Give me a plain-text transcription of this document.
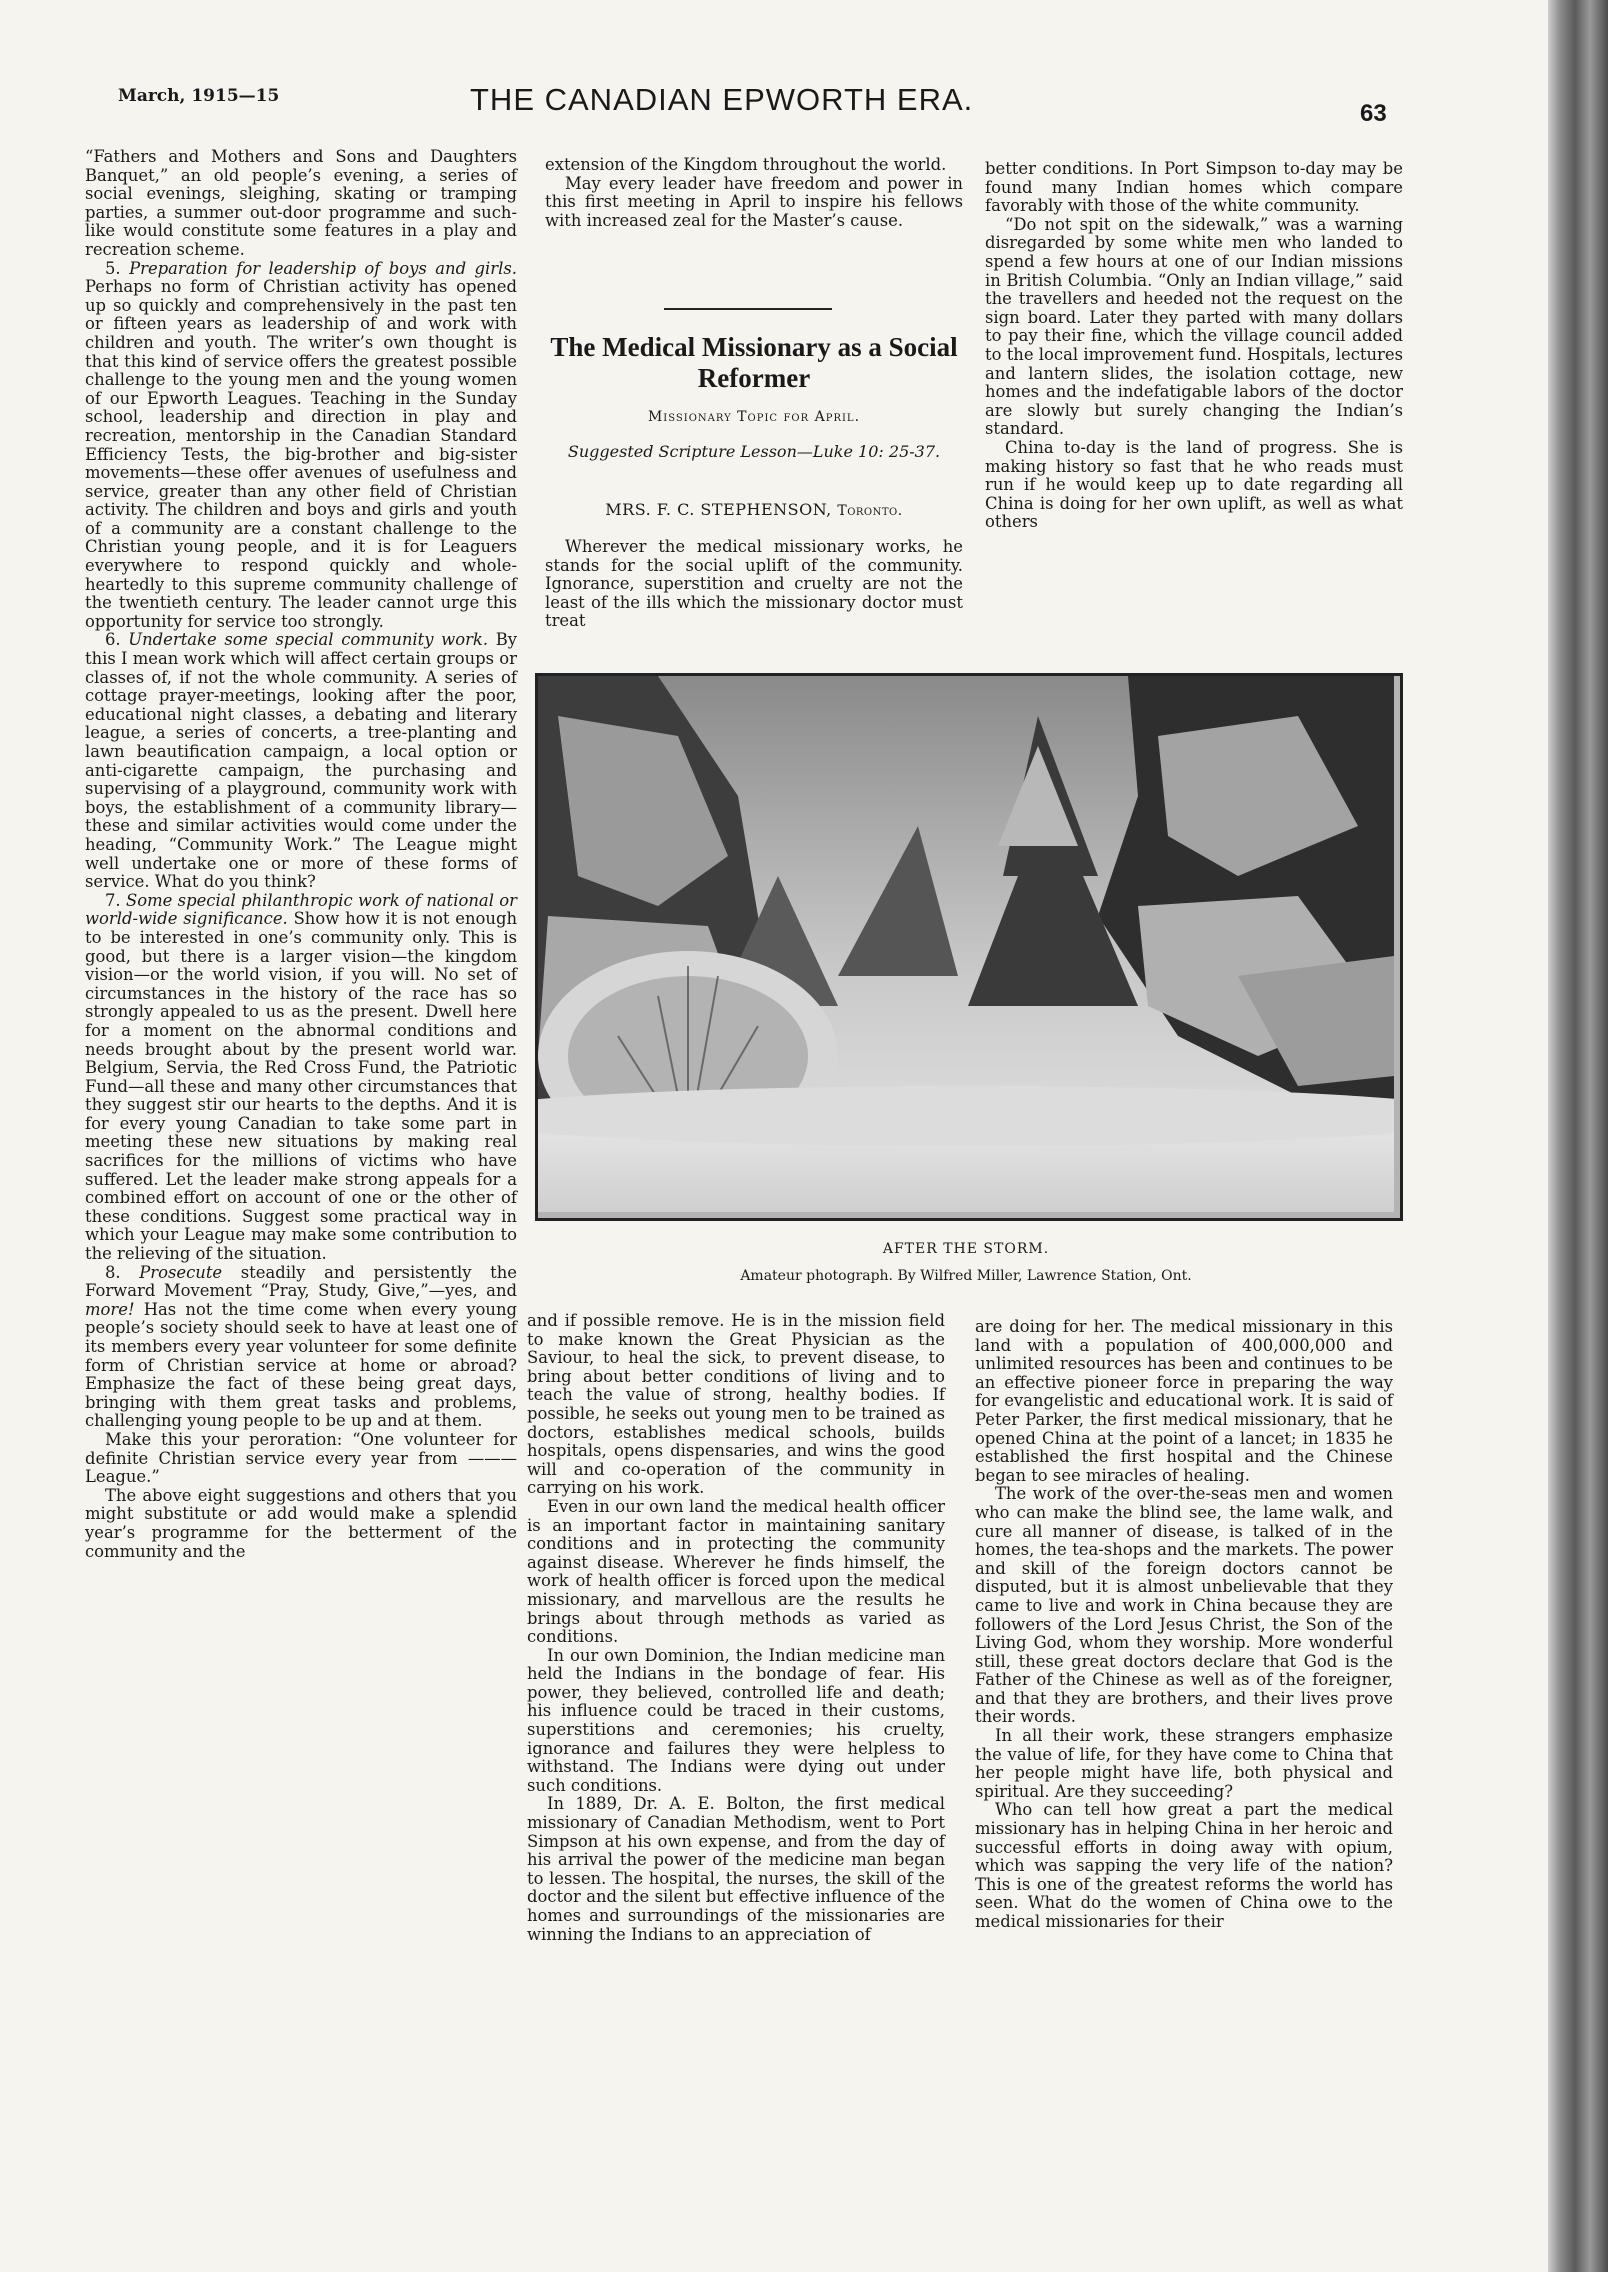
March, 1915—15	THE CANADIAN EPWORTH ERA.	63

“Fathers and Mothers and Sons and Daughters Banquet,” an old people’s evening, a series of social evenings, sleighing, skating or tramping parties, a summer out-door programme and such-like would constitute some features in a play and recreation scheme.

5. Preparation for leadership of boys and girls. Perhaps no form of Christian activity has opened up so quickly and comprehensively in the past ten or fifteen years as leadership of and work with children and youth. The writer’s own thought is that this kind of service offers the greatest possible challenge to the young men and the young women of our Epworth Leagues. Teaching in the Sunday school, leadership and direction in play and recreation, mentorship in the Canadian Standard Efficiency Tests, the big-brother and big-sister movements—these offer avenues of usefulness and service, greater than any other field of Christian activity. The children and boys and girls and youth of a community are a constant challenge to the Christian young people, and it is for Leaguers everywhere to respond quickly and whole-heartedly to this supreme community challenge of the twentieth century. The leader cannot urge this opportunity for service too strongly.

6. Undertake some special community work. By this I mean work which will affect certain groups or classes of, if not the whole community. A series of cottage prayer-meetings, looking after the poor, educational night classes, a debating and literary league, a series of concerts, a tree-planting and lawn beautification campaign, a local option or anti-cigarette campaign, the purchasing and supervising of a playground, community work with boys, the establishment of a community library—these and similar activities would come under the heading, “Community Work.” The League might well undertake one or more of these forms of service. What do you think?

7. Some special philanthropic work of national or world-wide significance. Show how it is not enough to be interested in one’s community only. This is good, but there is a larger vision—the kingdom vision—or the world vision, if you will. No set of circumstances in the history of the race has so strongly appealed to us as the present. Dwell here for a moment on the abnormal conditions and needs brought about by the present world war. Belgium, Servia, the Red Cross Fund, the Patriotic Fund—all these and many other circumstances that they suggest stir our hearts to the depths. And it is for every young Canadian to take some part in meeting these new situations by making real sacrifices for the millions of victims who have suffered. Let the leader make strong appeals for a combined effort on account of one or the other of these conditions. Suggest some practical way in which your League may make some contribution to the relieving of the situation.

8. Prosecute steadily and persistently the Forward Movement “Pray, Study, Give,”—yes, and more! Has not the time come when every young people’s society should seek to have at least one of its members every year volunteer for some definite form of Christian service at home or abroad? Emphasize the fact of these being great days, bringing with them great tasks and problems, challenging young people to be up and at them.

Make this your peroration: “One volunteer for definite Christian service every year from ——— League.”

The above eight suggestions and others that you might substitute or add would make a splendid year’s programme for the betterment of the community and the

extension of the Kingdom throughout the world.

May every leader have freedom and power in this first meeting in April to inspire his fellows with increased zeal for the Master’s cause.

The Medical Missionary as a Social Reformer
Missionary Topic for April.
Suggested Scripture Lesson—Luke 10: 25-37.
MRS. F. C. STEPHENSON, Toronto.

Wherever the medical missionary works, he stands for the social uplift of the community. Ignorance, superstition and cruelty are not the least of the ills which the missionary doctor must treat

better conditions. In Port Simpson to-day may be found many Indian homes which compare favorably with those of the white community.

“Do not spit on the sidewalk,” was a warning disregarded by some white men who landed to spend a few hours at one of our Indian missions in British Columbia. “Only an Indian village,” said the travellers and heeded not the request on the sign board. Later they parted with many dollars to pay their fine, which the village council added to the local improvement fund. Hospitals, lectures and lantern slides, the isolation cottage, new homes and the indefatigable labors of the doctor are slowly but surely changing the Indian’s standard.

China to-day is the land of progress. She is making history so fast that he who reads must run if he would keep up to date regarding all China is doing for her own uplift, as well as what others

AFTER THE STORM.
Amateur photograph. By Wilfred Miller, Lawrence Station, Ont.

and if possible remove. He is in the mission field to make known the Great Physician as the Saviour, to heal the sick, to prevent disease, to bring about better conditions of living and to teach the value of strong, healthy bodies. If possible, he seeks out young men to be trained as doctors, establishes medical schools, builds hospitals, opens dispensaries, and wins the good will and co-operation of the community in carrying on his work.

Even in our own land the medical health officer is an important factor in maintaining sanitary conditions and in protecting the community against disease. Wherever he finds himself, the work of health officer is forced upon the medical missionary, and marvellous are the results he brings about through methods as varied as conditions.

In our own Dominion, the Indian medicine man held the Indians in the bondage of fear. His power, they believed, controlled life and death; his influence could be traced in their customs, superstitions and ceremonies; his cruelty, ignorance and failures they were helpless to withstand. The Indians were dying out under such conditions.

In 1889, Dr. A. E. Bolton, the first medical missionary of Canadian Methodism, went to Port Simpson at his own expense, and from the day of his arrival the power of the medicine man began to lessen. The hospital, the nurses, the skill of the doctor and the silent but effective influence of the homes and surroundings of the missionaries are winning the Indians to an appreciation of

are doing for her. The medical missionary in this land with a population of 400,000,000 and unlimited resources has been and continues to be an effective pioneer force in preparing the way for evangelistic and educational work. It is said of Peter Parker, the first medical missionary, that he opened China at the point of a lancet; in 1835 he established the first hospital and the Chinese began to see miracles of healing.

The work of the over-the-seas men and women who can make the blind see, the lame walk, and cure all manner of disease, is talked of in the homes, the tea-shops and the markets. The power and skill of the foreign doctors cannot be disputed, but it is almost unbelievable that they came to live and work in China because they are followers of the Lord Jesus Christ, the Son of the Living God, whom they worship. More wonderful still, these great doctors declare that God is the Father of the Chinese as well as of the foreigner, and that they are brothers, and their lives prove their words.

In all their work, these strangers emphasize the value of life, for they have come to China that her people might have life, both physical and spiritual. Are they succeeding?

Who can tell how great a part the medical missionary has in helping China in her heroic and successful efforts in doing away with opium, which was sapping the very life of the nation? This is one of the greatest reforms the world has seen. What do the women of China owe to the medical missionaries for their
